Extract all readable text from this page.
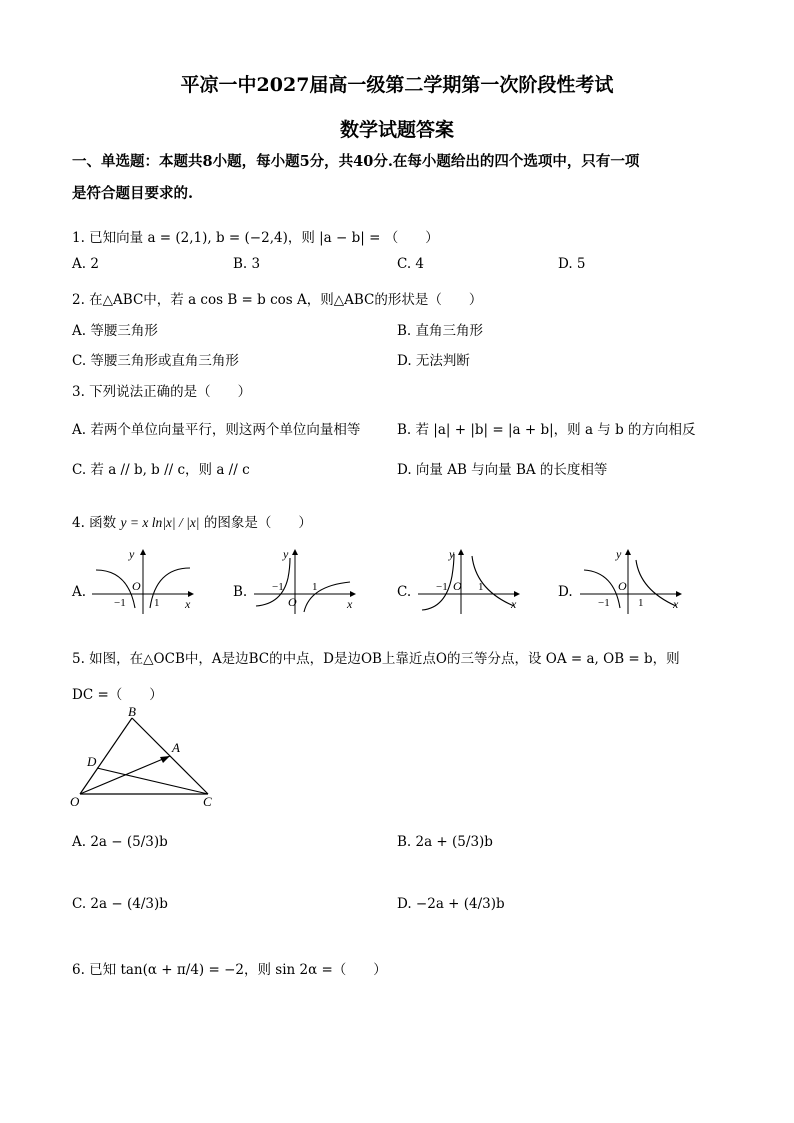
平凉一中2027届高一级第二学期第一次阶段性考试
数学试题答案
一、单选题：本题共8小题，每小题5分，共40分.在每小题给出的四个选项中，只有一项
是符合题目要求的.
1. 已知向量 a = (2,1), b = (−2,4)，则 |a − b| = （　　）
A. 2	B. 3	C. 4	D. 5
2. 在△ABC中，若 a cos B = b cos A，则△ABC的形状是（　　）
A. 等腰三角形	B. 直角三角形
C. 等腰三角形或直角三角形	D. 无法判断
3. 下列说法正确的是（　　）
A. 若两个单位向量平行，则这两个单位向量相等	B. 若 |a| + |b| = |a + b|，则 a 与 b 的方向相反
C. 若 a // b, b // c，则 a // c	D. 向量 AB 与向量 BA 的长度相等
4. 函数 y = x ln|x| / |x| 的图象是（　　）
A.	B.	C.	D.
y
x
O
1
−1
y
x
O
1
−1
y
x
O 1
−1
y
x
O
1
−1
5. 如图，在△OCB中，A是边BC的中点，D是边OB上靠近点O的三等分点，设 OA = a, OB = b，则
DC =（　　）
B
A
D
O	C
A. 2a − (5/3)b	B. 2a + (5/3)b
C. 2a − (4/3)b	D. −2a + (4/3)b
6. 已知 tan(α + π/4) = −2，则 sin 2α =（　　）
